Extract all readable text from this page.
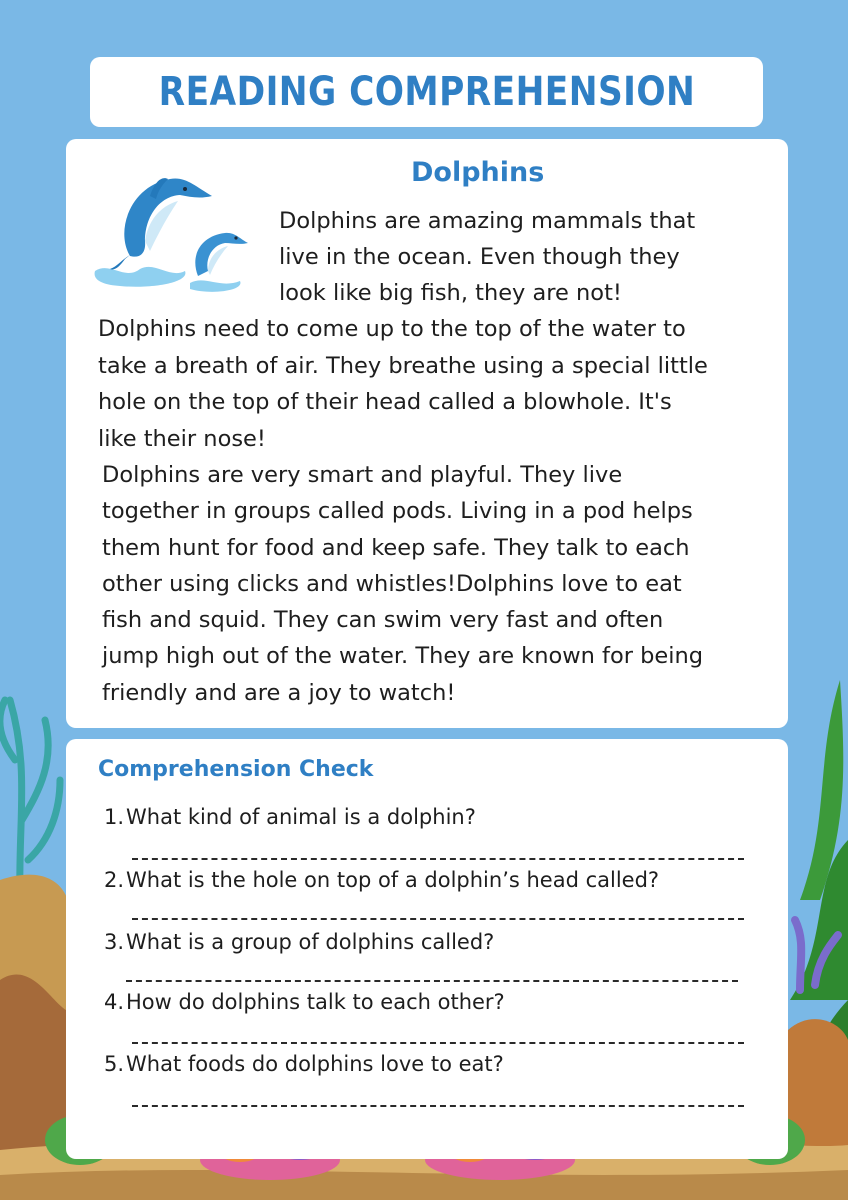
READING COMPREHENSION
Dolphins
Dolphins are amazing mammals that
live in the ocean. Even though they
look like big fish, they are not!
Dolphins need to come up to the top of the water to
take a breath of air. They breathe using a special little
hole on the top of their head called a blowhole. It's
like their nose!
Dolphins are very smart and playful. They live
together in groups called pods. Living in a pod helps
them hunt for food and keep safe. They talk to each
other using clicks and whistles!Dolphins love to eat
fish and squid. They can swim very fast and often
jump high out of the water. They are known for being
friendly and are a joy to watch!
Comprehension Check
1.What kind of animal is a dolphin?
2.What is the hole on top of a dolphin’s head called?
3.What is a group of dolphins called?
4.How do dolphins talk to each other?
5.What foods do dolphins love to eat?
